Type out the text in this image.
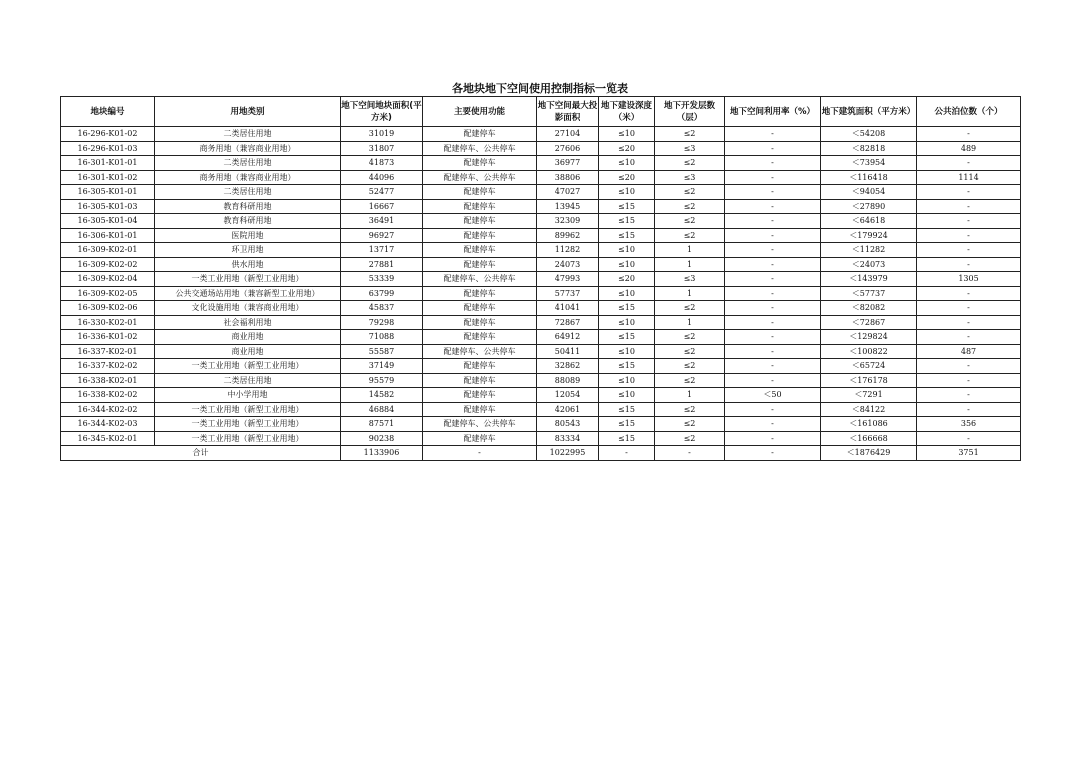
各地块地下空间使用控制指标一览表
地块编号	用地类别	地下空间地块面积(平方米)	主要使用功能	地下空间最大投影面积	地下建设深度（米）	地下开发层数（层）	地下空间利用率（%）	地下建筑面积（平方米）	公共泊位数（个）
16-296-K01-02	二类居住用地	31019	配建停车	27104	≤10	≤2	-	＜54208	-
16-296-K01-03	商务用地（兼容商业用地）	31807	配建停车、公共停车	27606	≤20	≤3	-	＜82818	489
16-301-K01-01	二类居住用地	41873	配建停车	36977	≤10	≤2	-	＜73954	-
16-301-K01-02	商务用地（兼容商业用地）	44096	配建停车、公共停车	38806	≤20	≤3	-	＜116418	1114
16-305-K01-01	二类居住用地	52477	配建停车	47027	≤10	≤2	-	＜94054	-
16-305-K01-03	教育科研用地	16667	配建停车	13945	≤15	≤2	-	＜27890	-
16-305-K01-04	教育科研用地	36491	配建停车	32309	≤15	≤2	-	＜64618	-
16-306-K01-01	医院用地	96927	配建停车	89962	≤15	≤2	-	＜179924	-
16-309-K02-01	环卫用地	13717	配建停车	11282	≤10	1	-	＜11282	-
16-309-K02-02	供水用地	27881	配建停车	24073	≤10	1	-	＜24073	-
16-309-K02-04	一类工业用地（新型工业用地）	53339	配建停车、公共停车	47993	≤20	≤3	-	＜143979	1305
16-309-K02-05	公共交通场站用地（兼容新型工业用地）	63799	配建停车	57737	≤10	1	-	＜57737	-
16-309-K02-06	文化设施用地（兼容商业用地）	45837	配建停车	41041	≤15	≤2	-	＜82082	-
16-330-K02-01	社会福利用地	79298	配建停车	72867	≤10	1	-	＜72867	-
16-336-K01-02	商业用地	71088	配建停车	64912	≤15	≤2	-	＜129824	-
16-337-K02-01	商业用地	55587	配建停车、公共停车	50411	≤10	≤2	-	＜100822	487
16-337-K02-02	一类工业用地（新型工业用地）	37149	配建停车	32862	≤15	≤2	-	＜65724	-
16-338-K02-01	二类居住用地	95579	配建停车	88089	≤10	≤2	-	＜176178	-
16-338-K02-02	中小学用地	14582	配建停车	12054	≤10	1	＜50	＜7291	-
16-344-K02-02	一类工业用地（新型工业用地）	46884	配建停车	42061	≤15	≤2	-	＜84122	-
16-344-K02-03	一类工业用地（新型工业用地）	87571	配建停车、公共停车	80543	≤15	≤2	-	＜161086	356
16-345-K02-01	一类工业用地（新型工业用地）	90238	配建停车	83334	≤15	≤2	-	＜166668	-
合计		1133906	-	1022995	-	-	-	＜1876429	3751
